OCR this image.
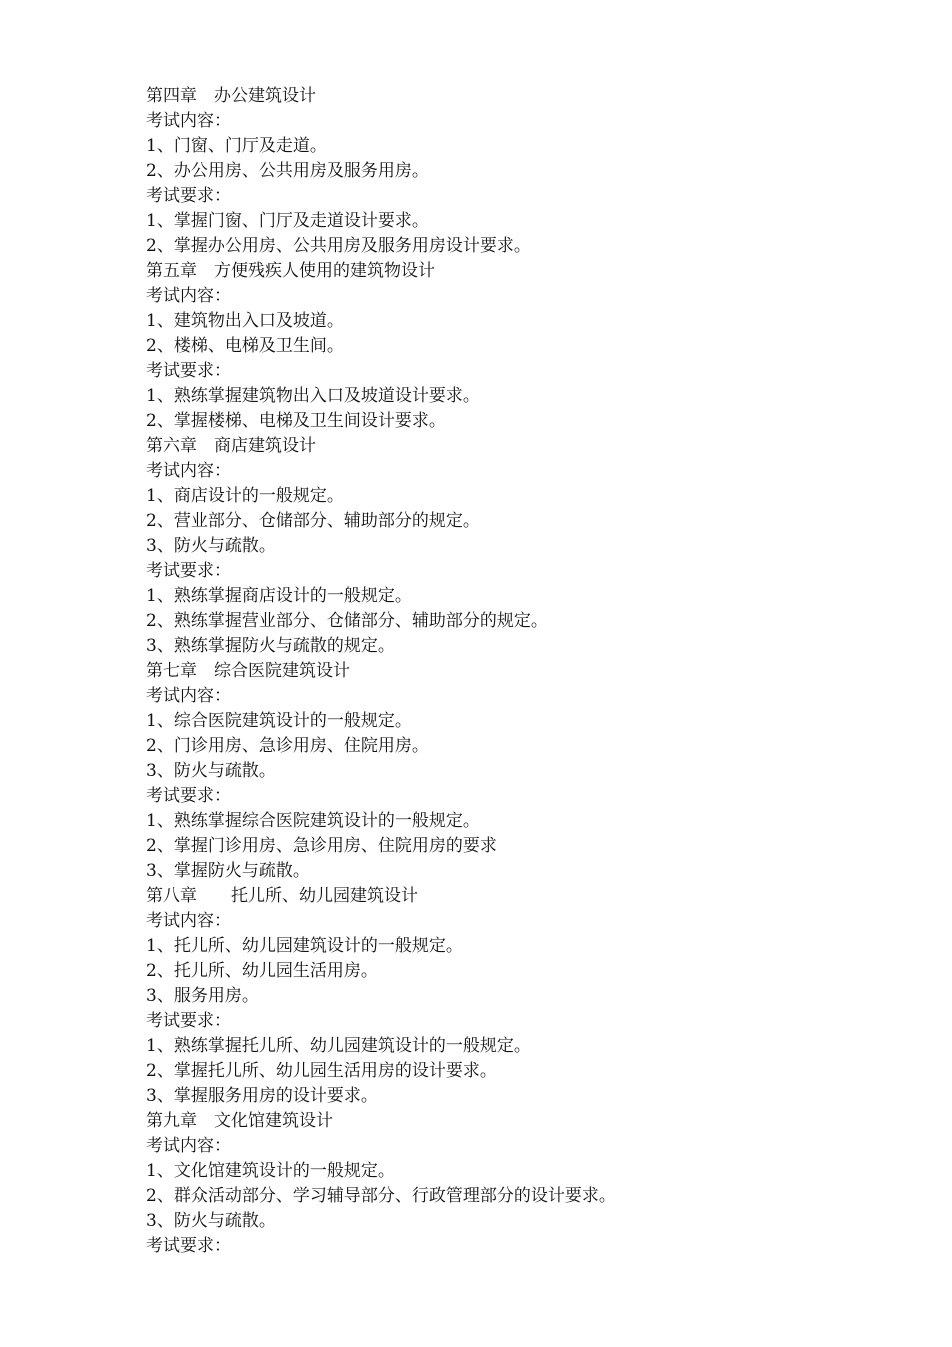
第四章　办公建筑设计
考试内容：
1、门窗、门厅及走道。
2、办公用房、公共用房及服务用房。
考试要求：
1、掌握门窗、门厅及走道设计要求。
2、掌握办公用房、公共用房及服务用房设计要求。
第五章　方便残疾人使用的建筑物设计
考试内容：
1、建筑物出入口及坡道。
2、楼梯、电梯及卫生间。
考试要求：
1、熟练掌握建筑物出入口及坡道设计要求。
2、掌握楼梯、电梯及卫生间设计要求。
第六章　商店建筑设计
考试内容：
1、商店设计的一般规定。
2、营业部分、仓储部分、辅助部分的规定。
3、防火与疏散。
考试要求：
1、熟练掌握商店设计的一般规定。
2、熟练掌握营业部分、仓储部分、辅助部分的规定。
3、熟练掌握防火与疏散的规定。
第七章　综合医院建筑设计
考试内容：
1、综合医院建筑设计的一般规定。
2、门诊用房、急诊用房、住院用房。
3、防火与疏散。
考试要求：
1、熟练掌握综合医院建筑设计的一般规定。
2、掌握门诊用房、急诊用房、住院用房的要求
3、掌握防火与疏散。
第八章　　托儿所、幼儿园建筑设计
考试内容：
1、托儿所、幼儿园建筑设计的一般规定。
2、托儿所、幼儿园生活用房。
3、服务用房。
考试要求：
1、熟练掌握托儿所、幼儿园建筑设计的一般规定。
2、掌握托儿所、幼儿园生活用房的设计要求。
3、掌握服务用房的设计要求。
第九章　文化馆建筑设计
考试内容：
1、文化馆建筑设计的一般规定。
2、群众活动部分、学习辅导部分、行政管理部分的设计要求。
3、防火与疏散。
考试要求：
